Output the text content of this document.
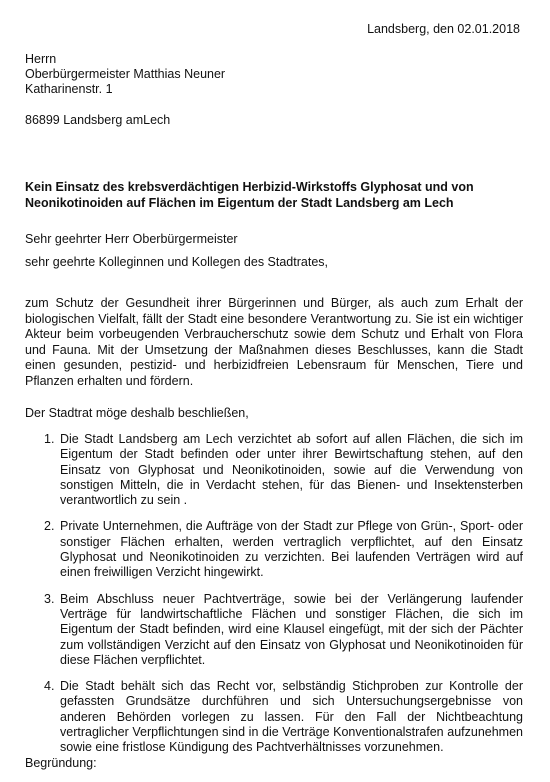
Landsberg, den 02.01.2018
Herrn
Oberbürgermeister Matthias Neuner
Katharinenstr. 1
86899 Landsberg amLech
Kein Einsatz des krebsverdächtigen Herbizid-Wirkstoffs Glyphosat und von Neonikotinoiden auf Flächen im Eigentum der Stadt Landsberg am Lech
Sehr geehrter Herr Oberbürgermeister
sehr geehrte Kolleginnen und Kollegen des Stadtrates,
zum Schutz der Gesundheit ihrer Bürgerinnen und Bürger, als auch zum Erhalt der biologischen Vielfalt, fällt der Stadt eine besondere Verantwortung zu. Sie ist ein wichtiger Akteur beim vorbeugenden Verbraucherschutz sowie dem Schutz und Erhalt von Flora und Fauna. Mit der Umsetzung der Maßnahmen dieses Beschlusses, kann die Stadt einen gesunden, pestizid- und herbizidfreien Lebensraum für Menschen, Tiere und Pflanzen erhalten und fördern.
Der Stadtrat möge deshalb beschließen,
1. Die Stadt Landsberg am Lech verzichtet ab sofort auf allen Flächen, die sich im Eigentum der Stadt befinden oder unter ihrer Bewirtschaftung stehen, auf den Einsatz von Glyphosat und Neonikotinoiden, sowie auf die Verwendung von sonstigen Mitteln, die in Verdacht stehen, für das Bienen- und Insektensterben verantwortlich zu sein .
2. Private Unternehmen, die Aufträge von der Stadt zur Pflege von Grün-, Sport- oder sonstiger Flächen erhalten, werden vertraglich verpflichtet, auf den Einsatz Glyphosat und Neonikotinoiden zu verzichten. Bei laufenden Verträgen wird auf einen freiwilligen Verzicht hingewirkt.
3. Beim Abschluss neuer Pachtverträge, sowie bei der Verlängerung laufender Verträge für landwirtschaftliche Flächen und sonstiger Flächen, die sich im Eigentum der Stadt befinden, wird eine Klausel eingefügt, mit der sich der Pächter zum vollständigen Verzicht auf den Einsatz von Glyphosat und Neonikotinoiden für diese Flächen verpflichtet.
4. Die Stadt behält sich das Recht vor, selbständig Stichproben zur Kontrolle der gefassten Grundsätze durchführen und sich Untersuchungsergebnisse von anderen Behörden vorlegen zu lassen. Für den Fall der Nichtbeachtung vertraglicher Verpflichtungen sind in die Verträge Konventionalstrafen aufzunehmen sowie eine fristlose Kündigung des Pachtverhältnisses vorzunehmen.
Begründung:
